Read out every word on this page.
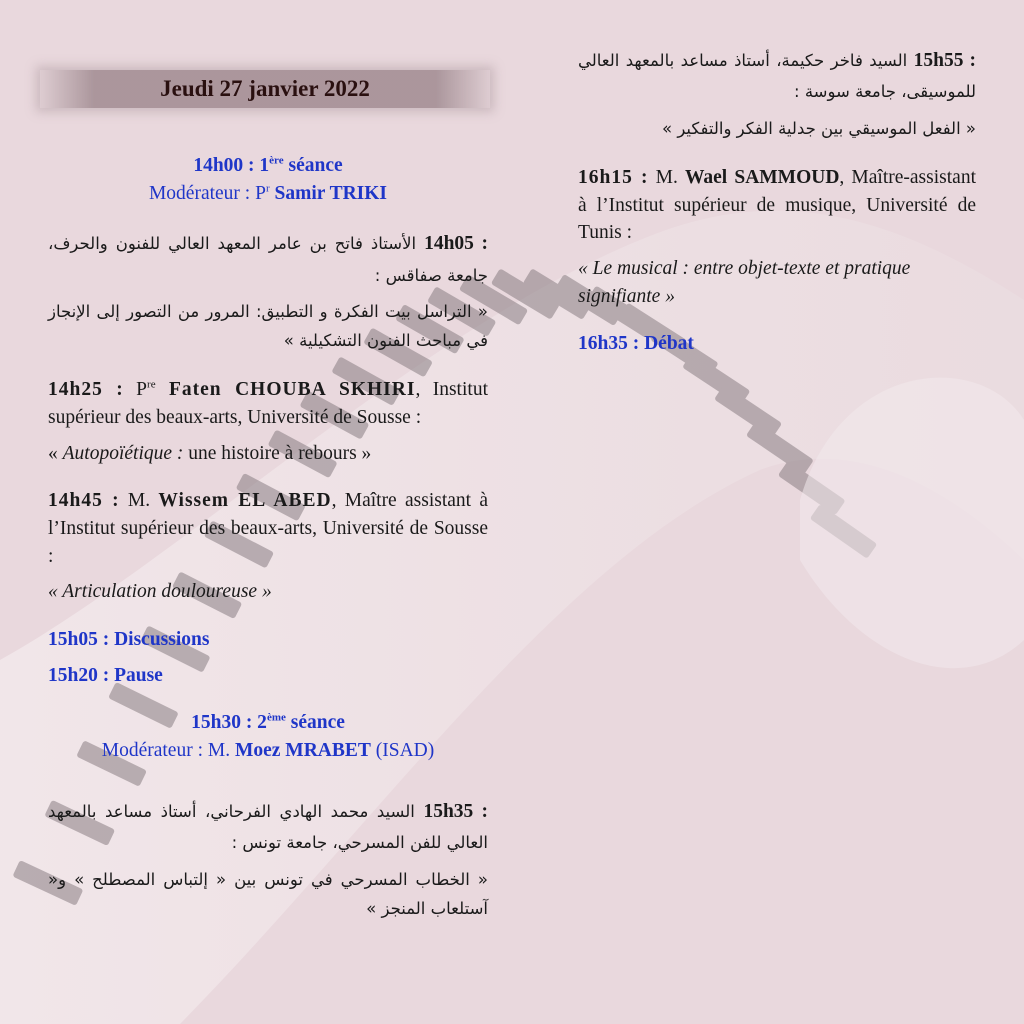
Jeudi 27 janvier 2022
14h00 : 1ère séance
Modérateur : $P^r$ Samir TRIKI
14h05 : الأستاذ فاتح بن عامر المعهد العالي للفنون والحرف، جامعة صفاقس :
« التراسل بيت الفكرة و التطبيق: المرور من التصور إلى الإنجاز في مباحث الفنون التشكيلية »
14h25 : $P^{re}$ Faten CHOUBA SKHIRI, Institut supérieur des beaux-arts, Université de Sousse :
« Autopoïétique : une histoire à rebours »
14h45 : M. Wissem EL ABED, Maître assistant à l’Institut supérieur des beaux-arts, Université de Sousse :
« Articulation douloureuse »
15h05 : Discussions
15h20 : Pause
15h30 : 2ème séance
Modérateur : M. Moez MRABET (ISAD)
15h35 : السيد محمد الهادي الفرحاني، أستاذ مساعد بالمعهد العالي للفن المسرحي، جامعة تونس :
« الخطاب المسرحي في تونس بين « إلتباس المصطلح » و« آستلعاب المنجز »
15h55 : السيد فاخر حكيمة، أستاذ مساعد بالمعهد العالي للموسيقى، جامعة سوسة :
« الفعل الموسيقي بين جدلية الفكر والتفكير »
16h15 : M. Wael SAMMOUD, Maître-assistant à l’Institut supérieur de musique, Université de Tunis :
« Le musical : entre objet-texte et pratique signifiante »
16h35 : Débat
